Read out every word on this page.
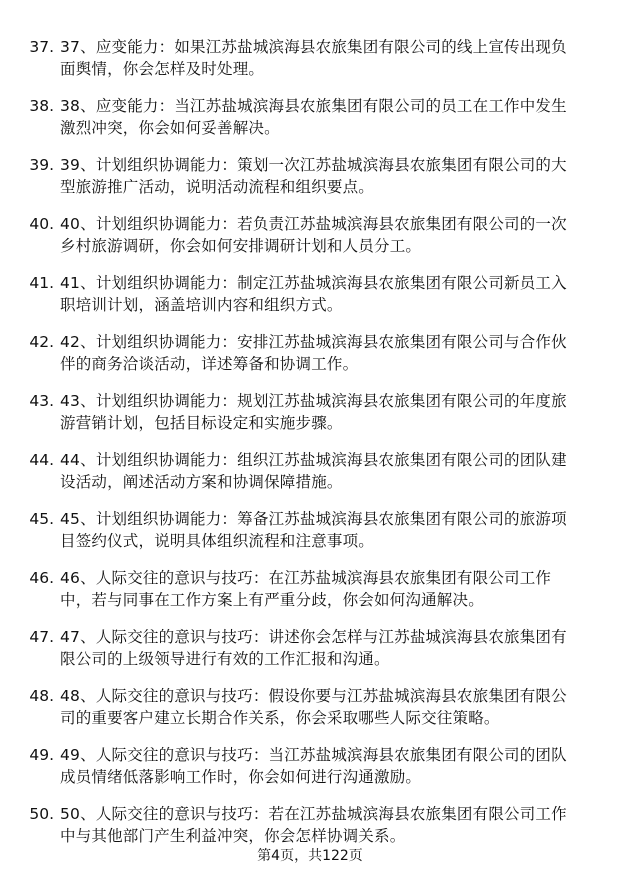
37. 37、应变能力：如果江苏盐城滨海县农旅集团有限公司的线上宣传出现负面舆情，你会怎样及时处理。
38. 38、应变能力：当江苏盐城滨海县农旅集团有限公司的员工在工作中发生激烈冲突，你会如何妥善解决。
39. 39、计划组织协调能力：策划一次江苏盐城滨海县农旅集团有限公司的大型旅游推广活动，说明活动流程和组织要点。
40. 40、计划组织协调能力：若负责江苏盐城滨海县农旅集团有限公司的一次乡村旅游调研，你会如何安排调研计划和人员分工。
41. 41、计划组织协调能力：制定江苏盐城滨海县农旅集团有限公司新员工入职培训计划，涵盖培训内容和组织方式。
42. 42、计划组织协调能力：安排江苏盐城滨海县农旅集团有限公司与合作伙伴的商务洽谈活动，详述筹备和协调工作。
43. 43、计划组织协调能力：规划江苏盐城滨海县农旅集团有限公司的年度旅游营销计划，包括目标设定和实施步骤。
44. 44、计划组织协调能力：组织江苏盐城滨海县农旅集团有限公司的团队建设活动，阐述活动方案和协调保障措施。
45. 45、计划组织协调能力：筹备江苏盐城滨海县农旅集团有限公司的旅游项目签约仪式，说明具体组织流程和注意事项。
46. 46、人际交往的意识与技巧：在江苏盐城滨海县农旅集团有限公司工作中，若与同事在工作方案上有严重分歧，你会如何沟通解决。
47. 47、人际交往的意识与技巧：讲述你会怎样与江苏盐城滨海县农旅集团有限公司的上级领导进行有效的工作汇报和沟通。
48. 48、人际交往的意识与技巧：假设你要与江苏盐城滨海县农旅集团有限公司的重要客户建立长期合作关系，你会采取哪些人际交往策略。
49. 49、人际交往的意识与技巧：当江苏盐城滨海县农旅集团有限公司的团队成员情绪低落影响工作时，你会如何进行沟通激励。
50. 50、人际交往的意识与技巧：若在江苏盐城滨海县农旅集团有限公司工作中与其他部门产生利益冲突，你会怎样协调关系。
第4页，共122页
